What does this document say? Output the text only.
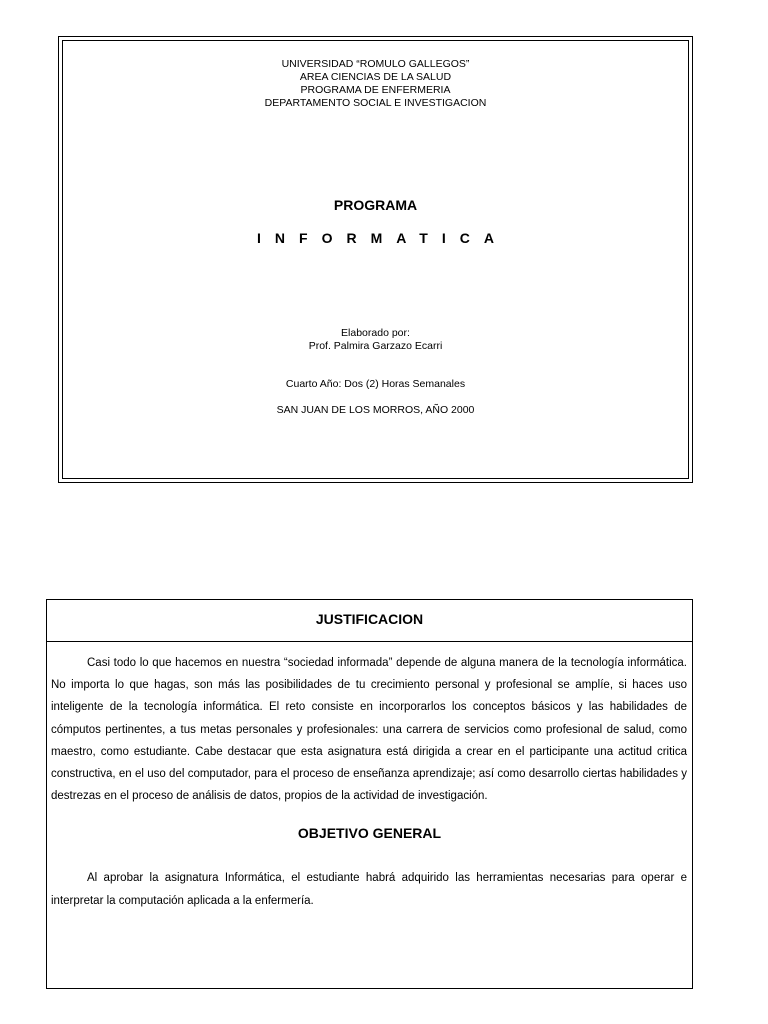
UNIVERSIDAD “ROMULO GALLEGOS”
AREA CIENCIAS DE LA SALUD
PROGRAMA DE ENFERMERIA
DEPARTAMENTO SOCIAL E INVESTIGACION
PROGRAMA
INFORMATICA
Elaborado por:
Prof. Palmira Garzazo Ecarri
Cuarto Año: Dos (2) Horas Semanales
SAN JUAN DE LOS MORROS, AÑO 2000
JUSTIFICACION

Casi todo lo que hacemos en nuestra “sociedad informada” depende de alguna manera de la tecnología informática. No importa lo que hagas, son más las posibilidades de tu crecimiento personal y profesional se amplíe, si haces uso inteligente de la tecnología informática. El reto consiste en incorporarlos los conceptos básicos y las habilidades de cómputos pertinentes, a tus metas personales y profesionales: una carrera de servicios como profesional de salud, como maestro, como estudiante. Cabe destacar que esta asignatura está dirigida a crear en el participante una actitud critica constructiva, en el uso del computador, para el proceso de enseñanza aprendizaje; así como desarrollo ciertas habilidades y destrezas en el proceso de análisis de datos, propios de la actividad de investigación.

OBJETIVO GENERAL

Al aprobar la asignatura Informática, el estudiante habrá adquirido las herramientas necesarias para operar e interpretar la computación aplicada a la enfermería.
